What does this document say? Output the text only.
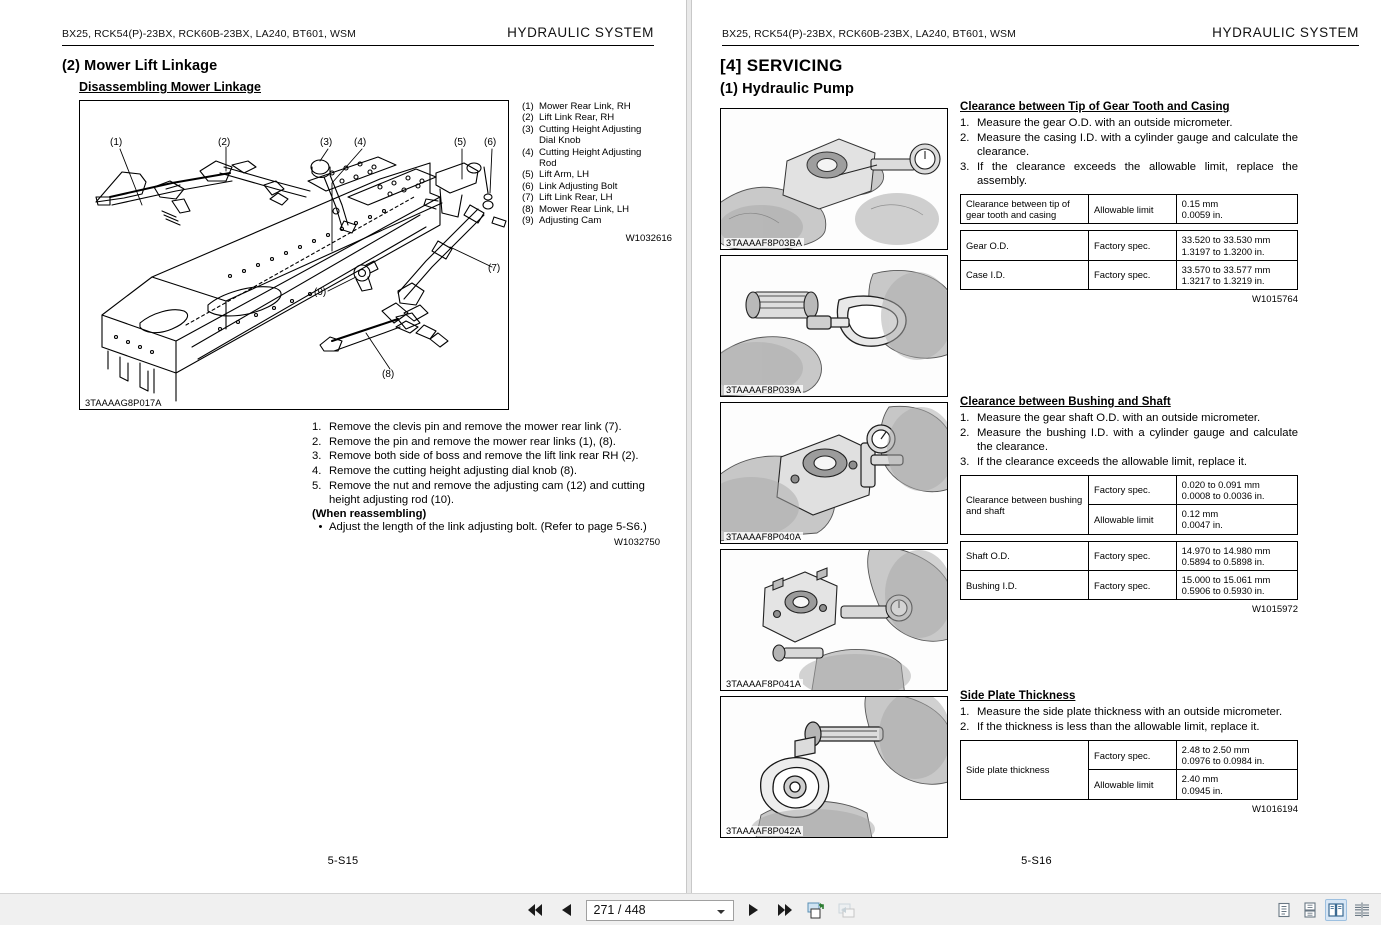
BX25, RCK54(P)-23BX, RCK60B-23BX, LA240, BT601, WSM	HYDRAULIC SYSTEM
(2) Mower Lift Linkage
Disassembling Mower Linkage
(1)	(2)	(3) (4)	(5) (6)
(7)
(8)
(9)
3TAAAAG8P017A
(1) Mower Rear Link, RH
(2) Lift Link Rear, RH
(3) Cutting Height Adjusting
Dial Knob
(4) Cutting Height Adjusting
Rod
(5) Lift Arm, LH
(6) Link Adjusting Bolt
(7) Lift Link Rear, LH
(8) Mower Rear Link, LH
(9) Adjusting Cam
W1032616
1. Remove the clevis pin and remove the mower rear link (7).
2. Remove the pin and remove the mower rear links (1), (8).
3. Remove both side of boss and remove the lift link rear RH (2).
4. Remove the cutting height adjusting dial knob (8).
5. Remove the nut and remove the adjusting cam (12) and cutting height adjusting rod (10).
(When reassembling)
• Adjust the length of the link adjusting bolt. (Refer to page 5-S6.)
W1032750
5-S15
BX25, RCK54(P)-23BX, RCK60B-23BX, LA240, BT601, WSM	HYDRAULIC SYSTEM
[4] SERVICING
(1) Hydraulic Pump
3TAAAAF8P03BA
3TAAAAF8P039A
3TAAAAF8P040A
3TAAAAF8P041A
3TAAAAF8P042A
Clearance between Tip of Gear Tooth and Casing
1. Measure the gear O.D. with an outside micrometer.
2. Measure the casing I.D. with a cylinder gauge and calculate the clearance.
3. If the clearance exceeds the allowable limit, replace the assembly.
Clearance between tip of gear tooth and casing	Allowable limit	
0.15 mm
0.0059 in.
Gear O.D.	Factory spec.	33.520 to 33.530 mm
1.3197 to 1.3200 in.

Case I.D.	Factory spec.	33.570 to 33.577 mm
1.3217 to 1.3219 in.
W1015764
Clearance between Bushing and Shaft
1. Measure the gear shaft O.D. with an outside micrometer.
2. Measure the bushing I.D. with a cylinder gauge and calculate the clearance.
3. If the clearance exceeds the allowable limit, replace it.
Clearance between bushing and shaft	Factory spec.	0.020 to 0.091 mm
0.0008 to 0.0036 in.

	Allowable limit	0.12 mm
0.0047 in.
Shaft O.D.	Factory spec.	14.970 to 14.980 mm
0.5894 to 0.5898 in.

Bushing I.D.	Factory spec.	15.000 to 15.061 mm
0.5906 to 0.5930 in.
W1015972
Side Plate Thickness
1. Measure the side plate thickness with an outside micrometer.
2. If the thickness is less than the allowable limit, replace it.
Side plate thickness	Factory spec.	2.48 to 2.50 mm
0.0976 to 0.0984 in.

	Allowable limit	2.40 mm
0.0945 in.
W1016194
5-S16
271 / 448
